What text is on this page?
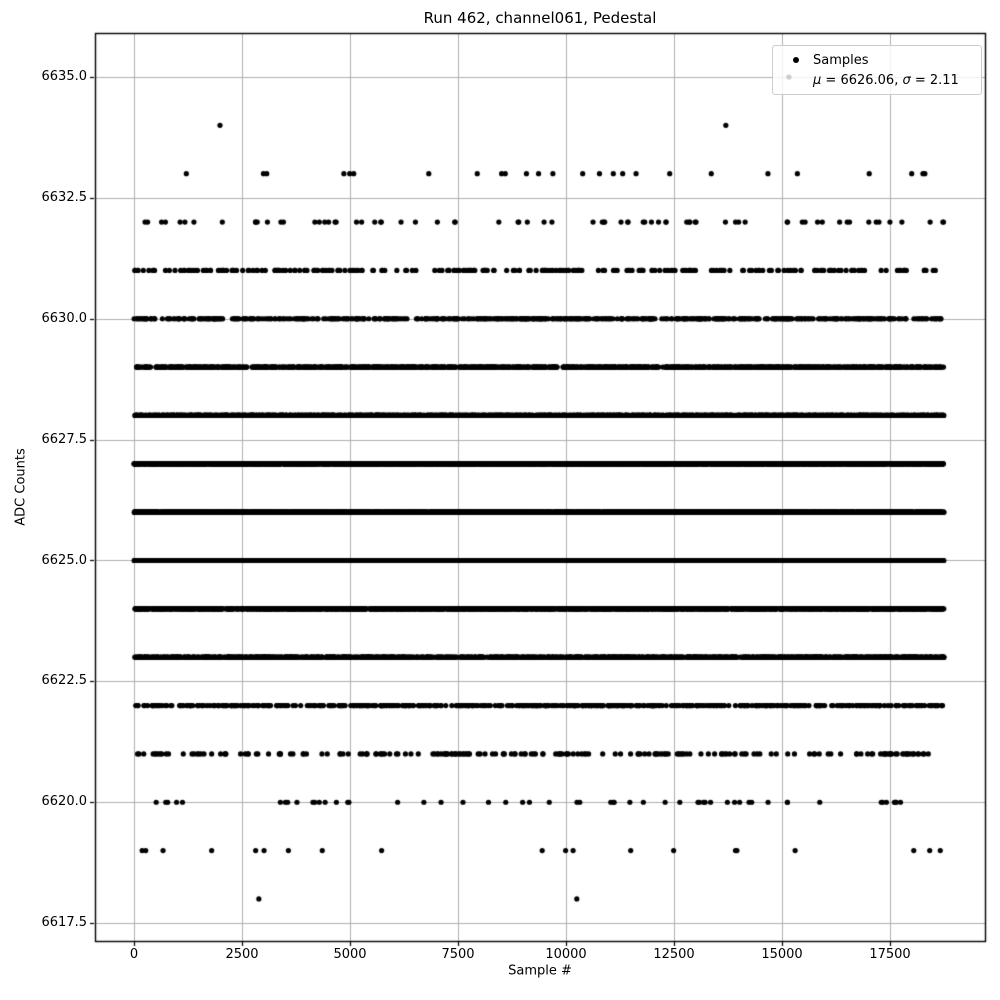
Run 462, channel061, Pedestal
6635.0
6632.5
6630.0
6627.5
6625.0
6622.5
6620.0
6617.5
0	2500	5000	7500	10000	12500	15000	17500
Sample #
ADC Counts
Samples
μ = 6626.06, σ = 2.11
